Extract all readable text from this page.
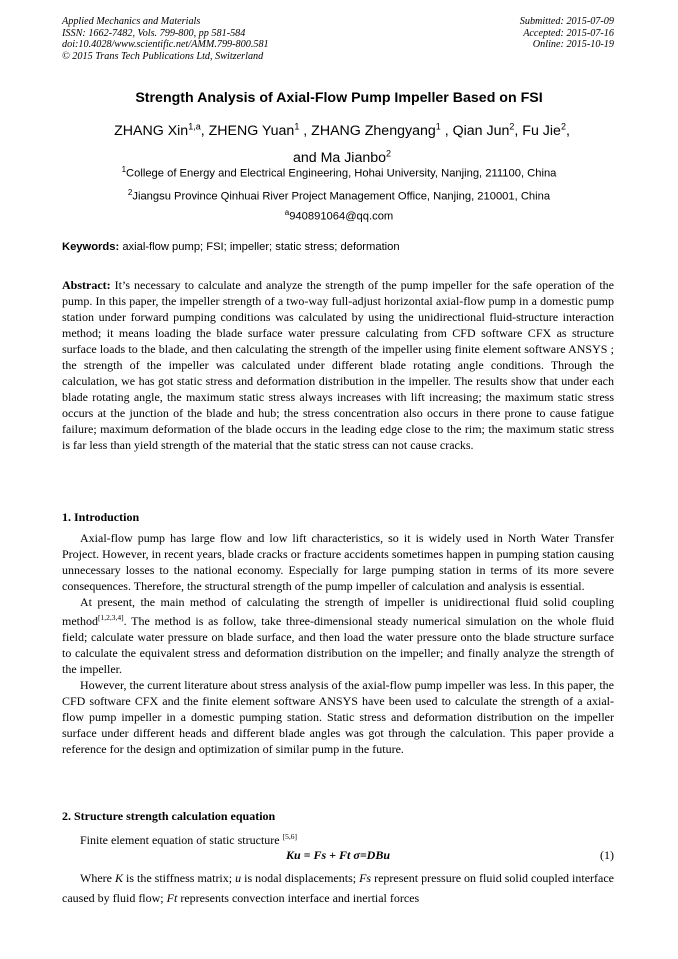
Applied Mechanics and Materials
ISSN: 1662-7482, Vols. 799-800, pp 581-584
doi:10.4028/www.scientific.net/AMM.799-800.581
© 2015 Trans Tech Publications Ltd, Switzerland
Submitted: 2015-07-09
Accepted: 2015-07-16
Online: 2015-10-19
Strength Analysis of Axial-Flow Pump Impeller Based on FSI
ZHANG Xin$^{1,a}$, ZHENG Yuan$^1$ , ZHANG Zhengyang$^1$ , Qian Jun$^2$, Fu Jie$^2$,
and Ma Jianbo$^2$
$^1$College of Energy and Electrical Engineering, Hohai University, Nanjing, 211100, China
$^2$Jiangsu Province Qinhuai River Project Management Office, Nanjing, 210001, China
$^a$940891064@qq.com
Keywords: axial-flow pump; FSI; impeller; static stress; deformation
Abstract: It’s necessary to calculate and analyze the strength of the pump impeller for the safe operation of the pump. In this paper, the impeller strength of a two-way full-adjust horizontal axial-flow pump in a domestic pump station under forward pumping conditions was calculated by using the unidirectional fluid-structure interaction method; it means loading the blade surface water pressure calculating from CFD software CFX as structure surface loads to the blade, and then calculating the strength of the impeller using finite element software ANSYS ; the strength of the impeller was calculated under different blade rotating angle conditions. Through the calculation, we has got static stress and deformation distribution in the impeller. The results show that under each blade rotating angle, the maximum static stress always increases with lift increasing; the maximum static stress occurs at the junction of the blade and hub; the stress concentration also occurs in there prone to cause fatigue failure; maximum deformation of the blade occurs in the leading edge close to the rim; the maximum static stress is far less than yield strength of the material that the static stress can not cause cracks.
1. Introduction

Axial-flow pump has large flow and low lift characteristics, so it is widely used in North Water Transfer Project. However, in recent years, blade cracks or fracture accidents sometimes happen in pumping station causing unnecessary losses to the national economy. Especially for large pumping station in terms of its more severe consequences. Therefore, the structural strength of the pump impeller of calculation and analysis is essential.

At present, the main method of calculating the strength of impeller is unidirectional fluid solid coupling method[1,2,3,4]. The method is as follow, take three-dimensional steady numerical simulation on the whole fluid field; calculate water pressure on blade surface, and then load the water pressure onto the blade structure surface to calculate the equivalent stress and deformation distribution on the impeller; and finally analyze the strength of the impeller.

However, the current literature about stress analysis of the axial-flow pump impeller was less. In this paper, the CFD software CFX and the finite element software ANSYS have been used to calculate the strength of a axial-flow pump impeller in a domestic pumping station. Static stress and deformation distribution on the impeller surface under different heads and different blade angles was got through the calculation. This paper provide a reference for the design and optimization of similar pump in the future.

2. Structure strength calculation equation

Finite element equation of static structure [5,6]

Ku = Fs + Ft σ=DBu	(1)

Where K is the stiffness matrix; u is nodal displacements; Fs represent pressure on fluid solid coupled interface caused by fluid flow; Ft represents convection interface and inertial forces
